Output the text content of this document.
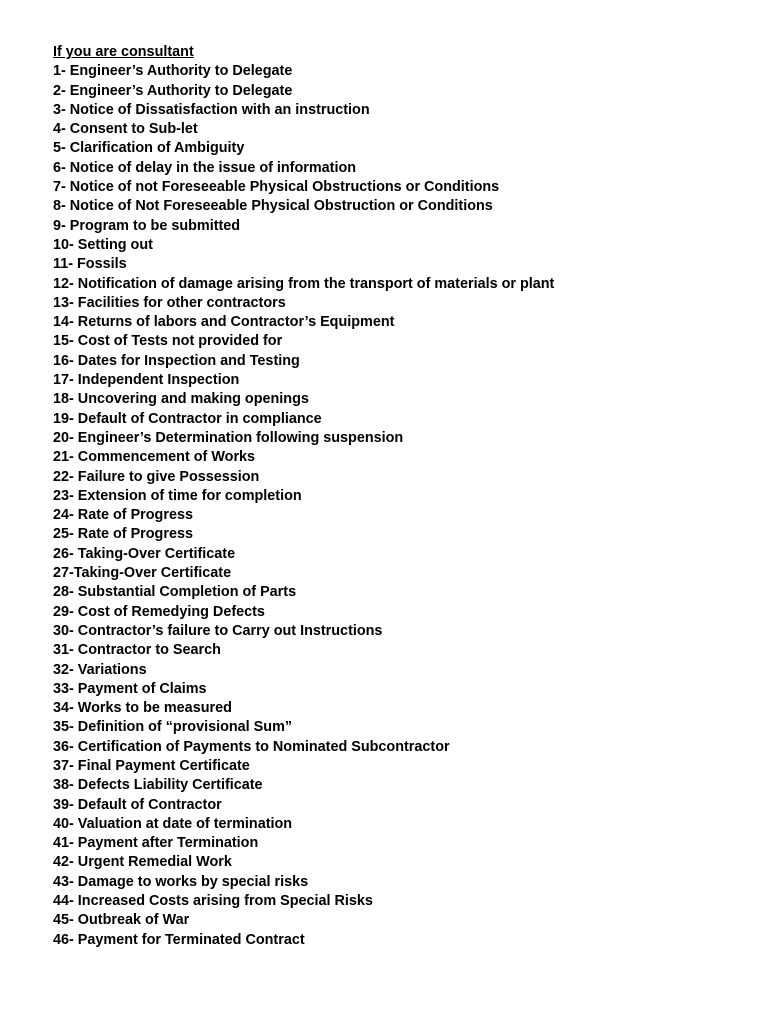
If you are consultant
1- Engineer’s Authority to Delegate
2- Engineer’s Authority to Delegate
3- Notice of Dissatisfaction with an instruction
4- Consent to Sub-let
5- Clarification of Ambiguity
6- Notice of delay in the issue of information
7- Notice of not Foreseeable Physical Obstructions or Conditions
8- Notice of Not Foreseeable Physical Obstruction or Conditions
9- Program to be submitted
10- Setting out
11- Fossils
12- Notification of damage arising from the transport of materials or plant
13- Facilities for other contractors
14- Returns of labors and Contractor’s Equipment
15- Cost of Tests not provided for
16- Dates for Inspection and Testing
17- Independent Inspection
18- Uncovering and making openings
19- Default of Contractor in compliance
20- Engineer’s Determination following suspension
21- Commencement of Works
22- Failure to give Possession
23- Extension of time for completion
24- Rate of Progress
25- Rate of Progress
26- Taking-Over Certificate
27-Taking-Over Certificate
28- Substantial Completion of Parts
29- Cost of Remedying Defects
30- Contractor’s failure to Carry out Instructions
31- Contractor to Search
32- Variations
33- Payment of Claims
34- Works to be measured
35- Definition of “provisional Sum”
36- Certification of Payments to Nominated Subcontractor
37- Final Payment Certificate
38- Defects Liability Certificate
39- Default of Contractor
40- Valuation at date of termination
41- Payment after Termination
42- Urgent Remedial Work
43- Damage to works by special risks
44- Increased Costs arising from Special Risks
45- Outbreak of War
46- Payment for Terminated Contract
